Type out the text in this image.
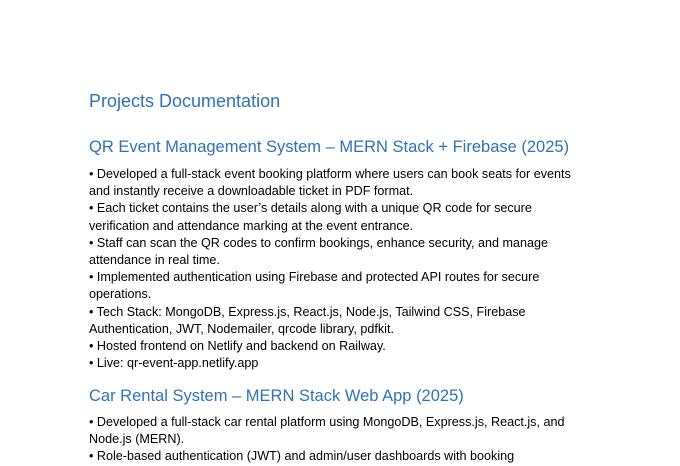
Projects Documentation
QR Event Management System – MERN Stack + Firebase (2025)
• Developed a full-stack event booking platform where users can book seats for events
and instantly receive a downloadable ticket in PDF format.
• Each ticket contains the user’s details along with a unique QR code for secure
verification and attendance marking at the event entrance.
• Staff can scan the QR codes to confirm bookings, enhance security, and manage
attendance in real time.
• Implemented authentication using Firebase and protected API routes for secure
operations.
• Tech Stack: MongoDB, Express.js, React.js, Node.js, Tailwind CSS, Firebase
Authentication, JWT, Nodemailer, qrcode library, pdfkit.
• Hosted frontend on Netlify and backend on Railway.
• Live: qr-event-app.netlify.app
Car Rental System – MERN Stack Web App (2025)
• Developed a full-stack car rental platform using MongoDB, Express.js, React.js, and
Node.js (MERN).
• Role-based authentication (JWT) and admin/user dashboards with booking
